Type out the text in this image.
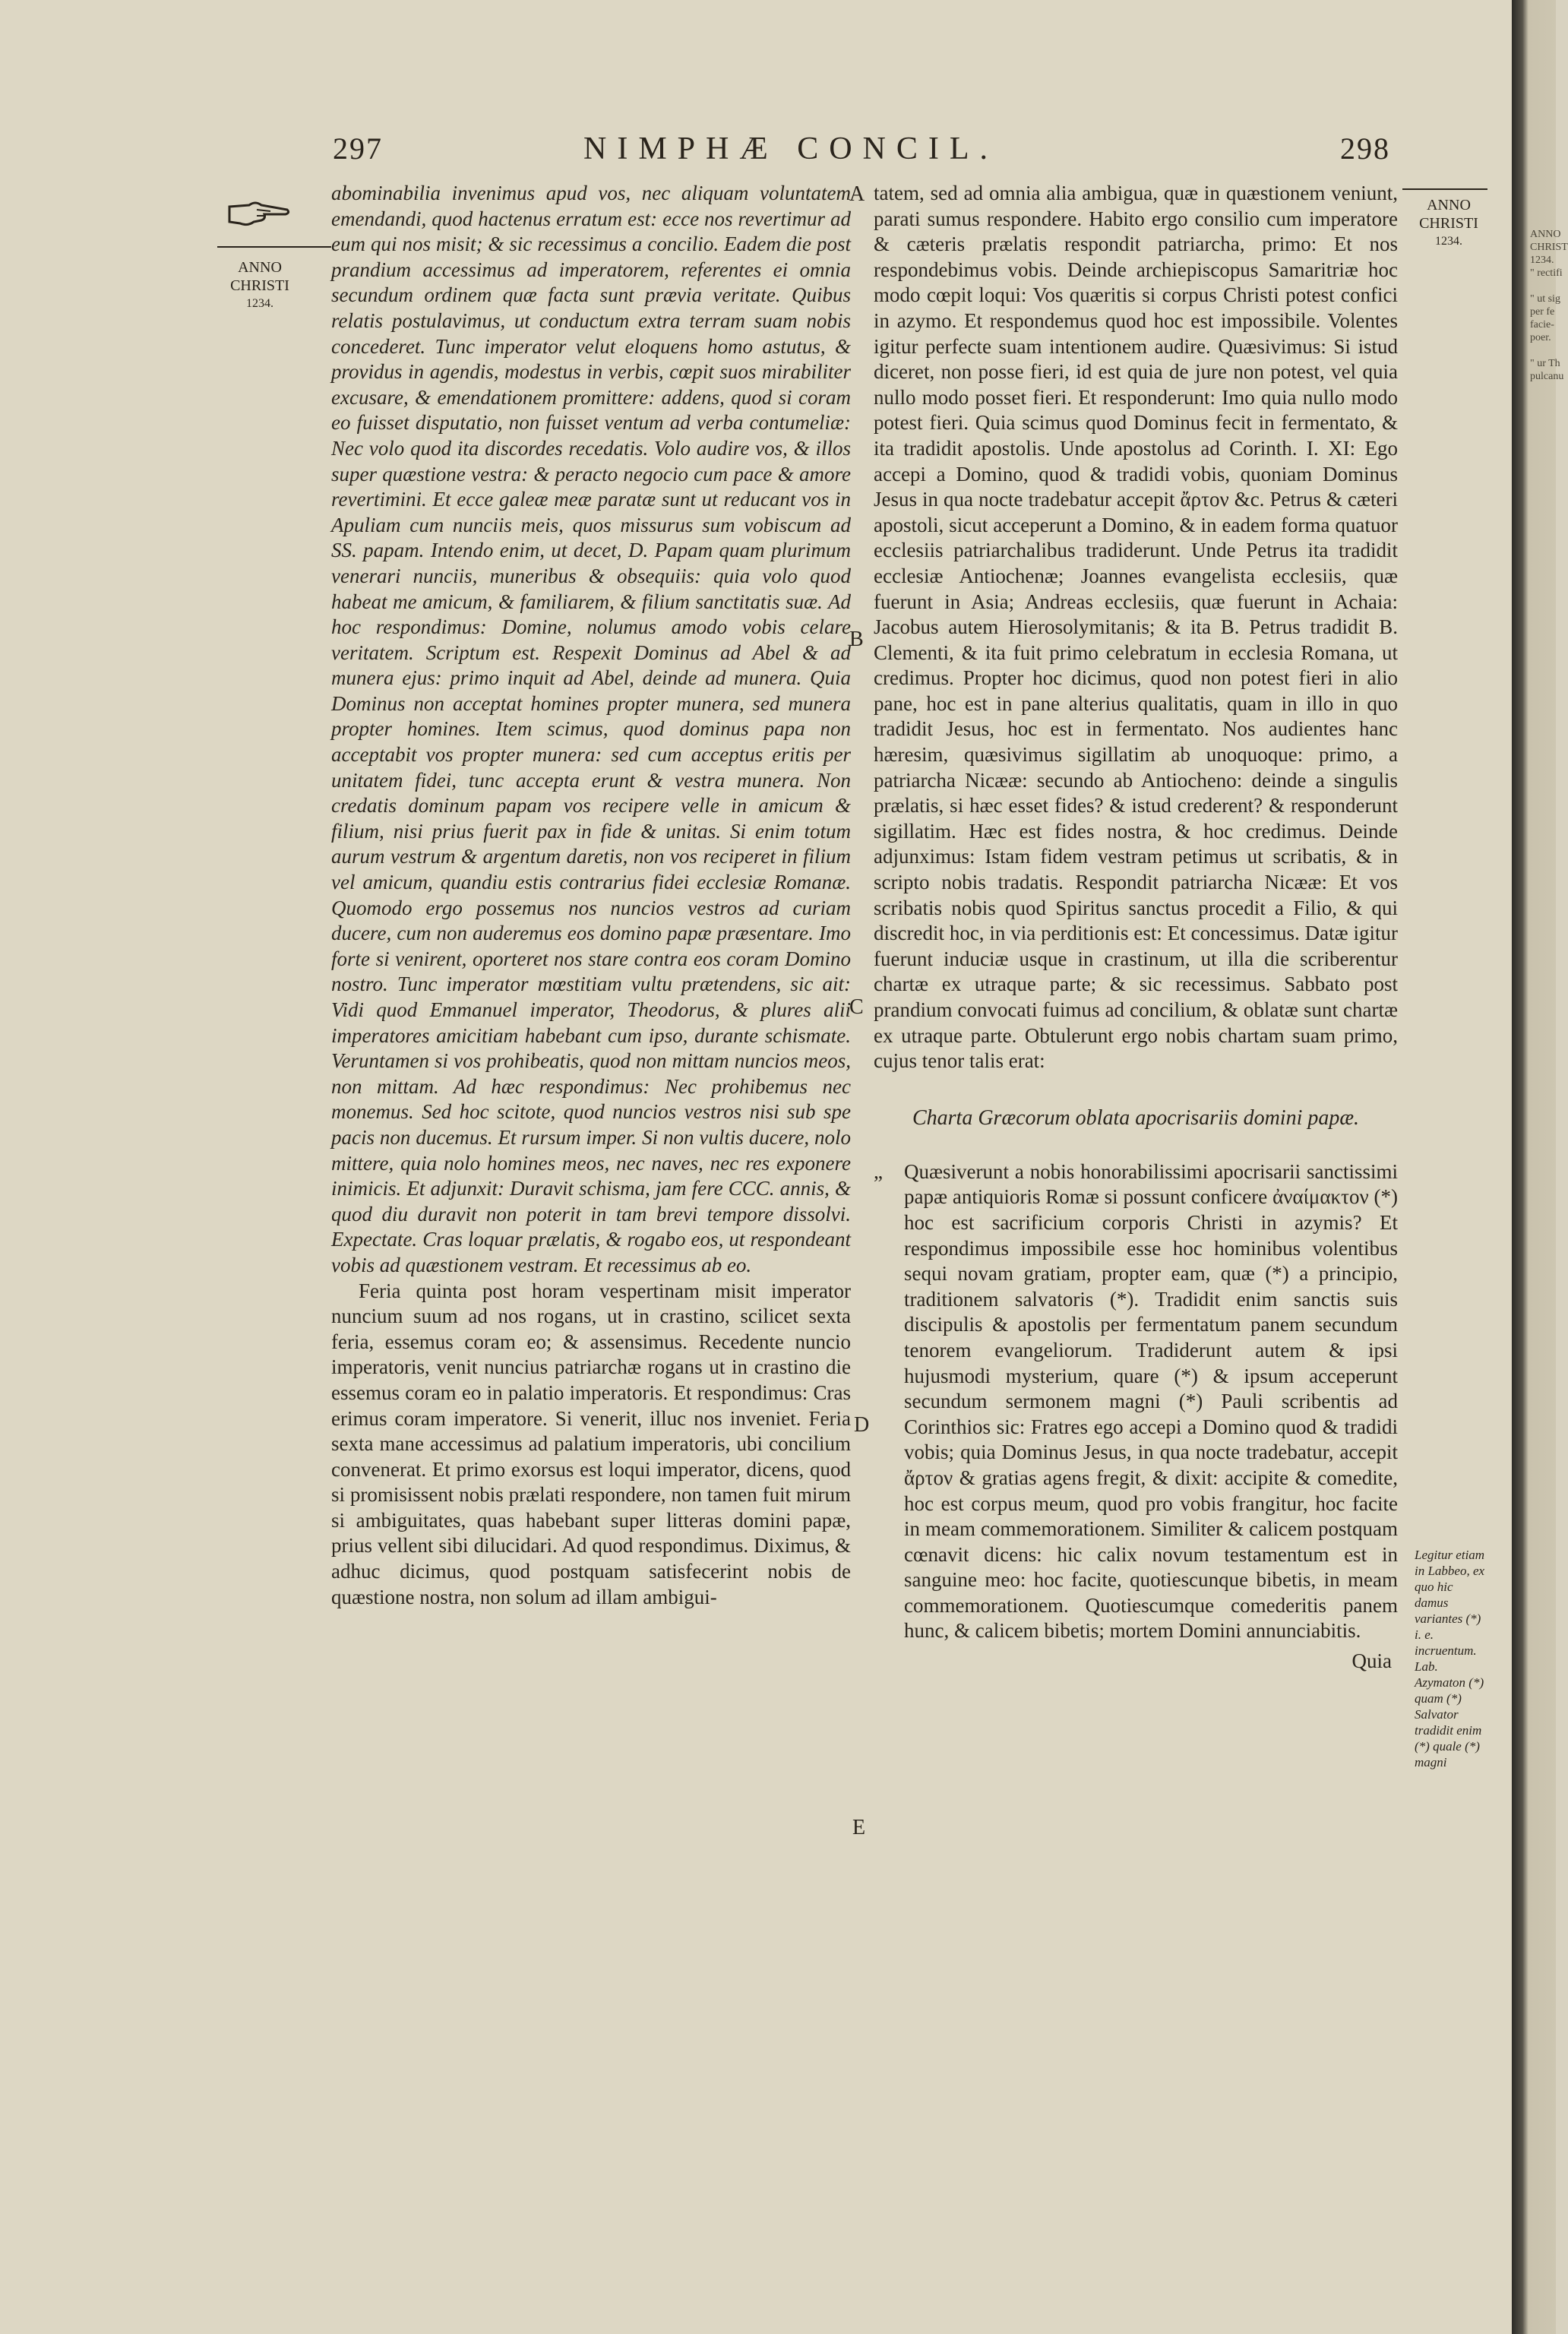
297	NIMPHÆ CONCIL.	298
ANNO
CHRISTI
1234.
ANNO
CHRISTI
1234.
Legitur etiam in Labbeo, ex quo hic damus variantes (*) i. e. incruentum. Lab. Azymaton (*) quam (*) Salvator tradidit enim (*) quale (*) magni
A
B
C
D
E

abominabilia invenimus apud vos, nec aliquam voluntatem emendandi, quod hactenus erratum est: ecce nos revertimur ad eum qui nos misit; & sic recessimus a concilio. Eadem die post prandium accessimus ad imperatorem, referentes ei omnia secundum ordinem quæ facta sunt prævia veritate. Quibus relatis postulavimus, ut conductum extra terram suam nobis concederet. Tunc imperator velut eloquens homo astutus, & providus in agendis, modestus in verbis, cœpit suos mirabiliter excusare, & emendationem promittere: addens, quod si coram eo fuisset disputatio, non fuisset ventum ad verba contumeliæ: Nec volo quod ita discordes recedatis. Volo audire vos, & illos super quæstione vestra: & peracto negocio cum pace & amore revertimini. Et ecce galeæ meæ paratæ sunt ut reducant vos in Apuliam cum nunciis meis, quos missurus sum vobiscum ad SS. papam. Intendo enim, ut decet, D. Papam quam plurimum venerari nunciis, muneribus & obsequiis: quia volo quod habeat me amicum, & familiarem, & filium sanctitatis suæ. Ad hoc respondimus: Domine, nolumus amodo vobis celare veritatem. Scriptum est. Respexit Dominus ad Abel & ad munera ejus: primo inquit ad Abel, deinde ad munera. Quia Dominus non acceptat homines propter munera, sed munera propter homines. Item scimus, quod dominus papa non acceptabit vos propter munera: sed cum acceptus eritis per unitatem fidei, tunc accepta erunt & vestra munera. Non credatis dominum papam vos recipere velle in amicum & filium, nisi prius fuerit pax in fide & unitas. Si enim totum aurum vestrum & argentum daretis, non vos reciperet in filium vel amicum, quandiu estis contrarius fidei ecclesiæ Romanæ. Quomodo ergo possemus nos nuncios vestros ad curiam ducere, cum non auderemus eos domino papæ præsentare. Imo forte si venirent, oporteret nos stare contra eos coram Domino nostro. Tunc imperator mœstitiam vultu prætendens, sic ait: Vidi quod Emmanuel imperator, Theodorus, & plures alii imperatores amicitiam habebant cum ipso, durante schismate. Veruntamen si vos prohibeatis, quod non mittam nuncios meos, non mittam. Ad hæc respondimus: Nec prohibemus nec monemus. Sed hoc scitote, quod nuncios vestros nisi sub spe pacis non ducemus. Et rursum imper. Si non vultis ducere, nolo mittere, quia nolo homines meos, nec naves, nec res exponere inimicis. Et adjunxit: Duravit schisma, jam fere CCC. annis, & quod diu duravit non poterit in tam brevi tempore dissolvi. Expectate. Cras loquar prælatis, & rogabo eos, ut respondeant vobis ad quæstionem vestram. Et recessimus ab eo.

Feria quinta post horam vespertinam misit imperator nuncium suum ad nos rogans, ut in crastino, scilicet sexta feria, essemus coram eo; & assensimus. Recedente nuncio imperatoris, venit nuncius patriarchæ rogans ut in crastino die essemus coram eo in palatio imperatoris. Et respondimus: Cras erimus coram imperatore. Si venerit, illuc nos inveniet. Feria sexta mane accessimus ad palatium imperatoris, ubi concilium convenerat. Et primo exorsus est loqui imperator, dicens, quod si promisissent nobis prælati respondere, non tamen fuit mirum si ambiguitates, quas habebant super litteras domini papæ, prius vellent sibi dilucidari. Ad quod respondimus. Diximus, & adhuc dicimus, quod postquam satisfecerint nobis de quæstione nostra, non solum ad illam ambigui-

tatem, sed ad omnia alia ambigua, quæ in quæstionem veniunt, parati sumus respondere. Habito ergo consilio cum imperatore & cæteris prælatis respondit patriarcha, primo: Et nos respondebimus vobis. Deinde archiepiscopus Samaritriæ hoc modo cœpit loqui: Vos quæritis si corpus Christi potest confici in azymo. Et respondemus quod hoc est impossibile. Volentes igitur perfecte suam intentionem audire. Quæsivimus: Si istud diceret, non posse fieri, id est quia de jure non potest, vel quia nullo modo posset fieri. Et responderunt: Imo quia nullo modo potest fieri. Quia scimus quod Dominus fecit in fermentato, & ita tradidit apostolis. Unde apostolus ad Corinth. I. XI: Ego accepi a Domino, quod & tradidi vobis, quoniam Dominus Jesus in qua nocte tradebatur accepit ἄρτον &c. Petrus & cæteri apostoli, sicut acceperunt a Domino, & in eadem forma quatuor ecclesiis patriarchalibus tradiderunt. Unde Petrus ita tradidit ecclesiæ Antiochenæ; Joannes evangelista ecclesiis, quæ fuerunt in Asia; Andreas ecclesiis, quæ fuerunt in Achaia: Jacobus autem Hierosolymitanis; & ita B. Petrus tradidit B. Clementi, & ita fuit primo celebratum in ecclesia Romana, ut credimus. Propter hoc dicimus, quod non potest fieri in alio pane, hoc est in pane alterius qualitatis, quam in illo in quo tradidit Jesus, hoc est in fermentato. Nos audientes hanc hæresim, quæsivimus sigillatim ab unoquoque: primo, a patriarcha Nicææ: secundo ab Antiocheno: deinde a singulis prælatis, si hæc esset fides? & istud crederent? & responderunt sigillatim. Hæc est fides nostra, & hoc credimus. Deinde adjunximus: Istam fidem vestram petimus ut scribatis, & in scripto nobis tradatis. Respondit patriarcha Nicææ: Et vos scribatis nobis quod Spiritus sanctus procedit a Filio, & qui discredit hoc, in via perditionis est: Et concessimus. Datæ igitur fuerunt induciæ usque in crastinum, ut illa die scriberentur chartæ ex utraque parte; & sic recessimus. Sabbato post prandium convocati fuimus ad concilium, & oblatæ sunt chartæ ex utraque parte. Obtulerunt ergo nobis chartam suam primo, cujus tenor talis erat:

Charta Græcorum oblata apocrisariis domini papæ.

„ Quæsiverunt a nobis honorabilissimi apocrisarii sanctissimi papæ antiquioris Romæ si possunt conficere ἀναίμακτον (*) hoc est sacrificium corporis Christi in azymis? Et respondimus impossibile esse hoc hominibus volentibus sequi novam gratiam, propter eam, quæ (*) a principio, traditionem salvatoris (*). Tradidit enim sanctis suis discipulis & apostolis per fermentatum panem secundum tenorem evangeliorum. Tradiderunt autem & ipsi hujusmodi mysterium, quare (*) & ipsum acceperunt secundum sermonem magni (*) Pauli scribentis ad Corinthios sic: Fratres ego accepi a Domino quod & tradidi vobis; quia Dominus Jesus, in qua nocte tradebatur, accepit ἄρτον & gratias agens fregit, & dixit: accipite & comedite, hoc est corpus meum, quod pro vobis frangitur, hoc facite in meam commemorationem. Similiter & calicem postquam cœnavit dicens: hic calix novum testamentum est in sanguine meo: hoc facite, quotiescunque bibetis, in meam commemorationem. Quotiescumque comederitis panem hunc, & calicem bibetis; mortem Domini annunciabitis.

Quia
ANNO
CHRIST
1234.
" rectifi

" ut sig
per fe
facie-
poer.

" ur Th
pulcanu
